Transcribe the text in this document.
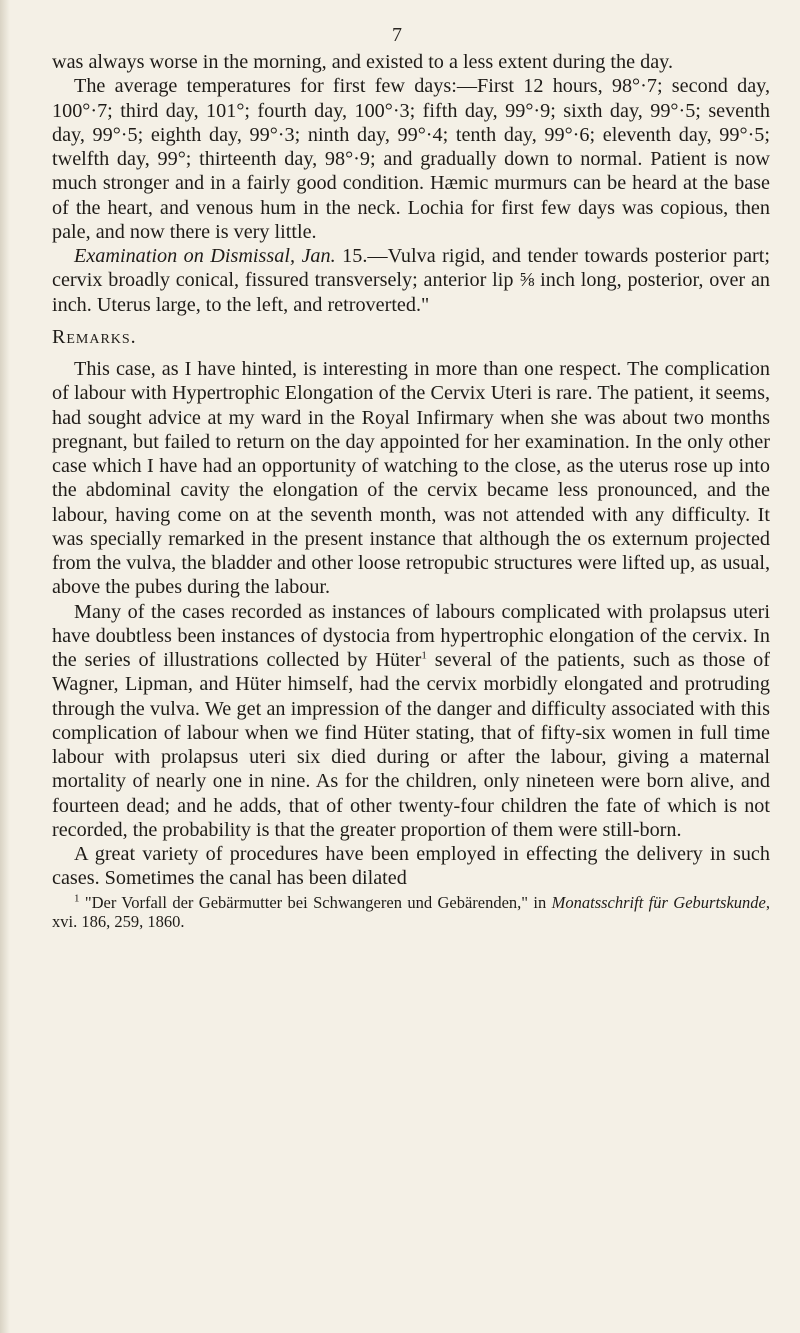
7

was always worse in the morning, and existed to a less extent during the day.

The average temperatures for first few days:—First 12 hours, 98°·7; second day, 100°·7; third day, 101°; fourth day, 100°·3; fifth day, 99°·9; sixth day, 99°·5; seventh day, 99°·5; eighth day, 99°·3; ninth day, 99°·4; tenth day, 99°·6; eleventh day, 99°·5; twelfth day, 99°; thirteenth day, 98°·9; and gradually down to normal. Patient is now much stronger and in a fairly good condition. Hæmic murmurs can be heard at the base of the heart, and venous hum in the neck. Lochia for first few days was copious, then pale, and now there is very little.

Examination on Dismissal, Jan. 15.—Vulva rigid, and tender towards posterior part; cervix broadly conical, fissured transversely; anterior lip ⅝ inch long, posterior, over an inch. Uterus large, to the left, and retroverted."

Remarks.

This case, as I have hinted, is interesting in more than one respect. The complication of labour with Hypertrophic Elongation of the Cervix Uteri is rare. The patient, it seems, had sought advice at my ward in the Royal Infirmary when she was about two months pregnant, but failed to return on the day appointed for her examination. In the only other case which I have had an opportunity of watching to the close, as the uterus rose up into the abdominal cavity the elongation of the cervix became less pronounced, and the labour, having come on at the seventh month, was not attended with any difficulty. It was specially remarked in the present instance that although the os externum projected from the vulva, the bladder and other loose retropubic structures were lifted up, as usual, above the pubes during the labour.

Many of the cases recorded as instances of labours complicated with prolapsus uteri have doubtless been instances of dystocia from hypertrophic elongation of the cervix. In the series of illustrations collected by Hüter$^1$ several of the patients, such as those of Wagner, Lipman, and Hüter himself, had the cervix morbidly elongated and protruding through the vulva. We get an impression of the danger and difficulty associated with this complication of labour when we find Hüter stating, that of fifty-six women in full time labour with prolapsus uteri six died during or after the labour, giving a maternal mortality of nearly one in nine. As for the children, only nineteen were born alive, and fourteen dead; and he adds, that of other twenty-four children the fate of which is not recorded, the probability is that the greater proportion of them were still-born.

A great variety of procedures have been employed in effecting the delivery in such cases. Sometimes the canal has been dilated

$^1$ "Der Vorfall der Gebärmutter bei Schwangeren und Gebärenden," in Monatsschrift für Geburtskunde, xvi. 186, 259, 1860.
